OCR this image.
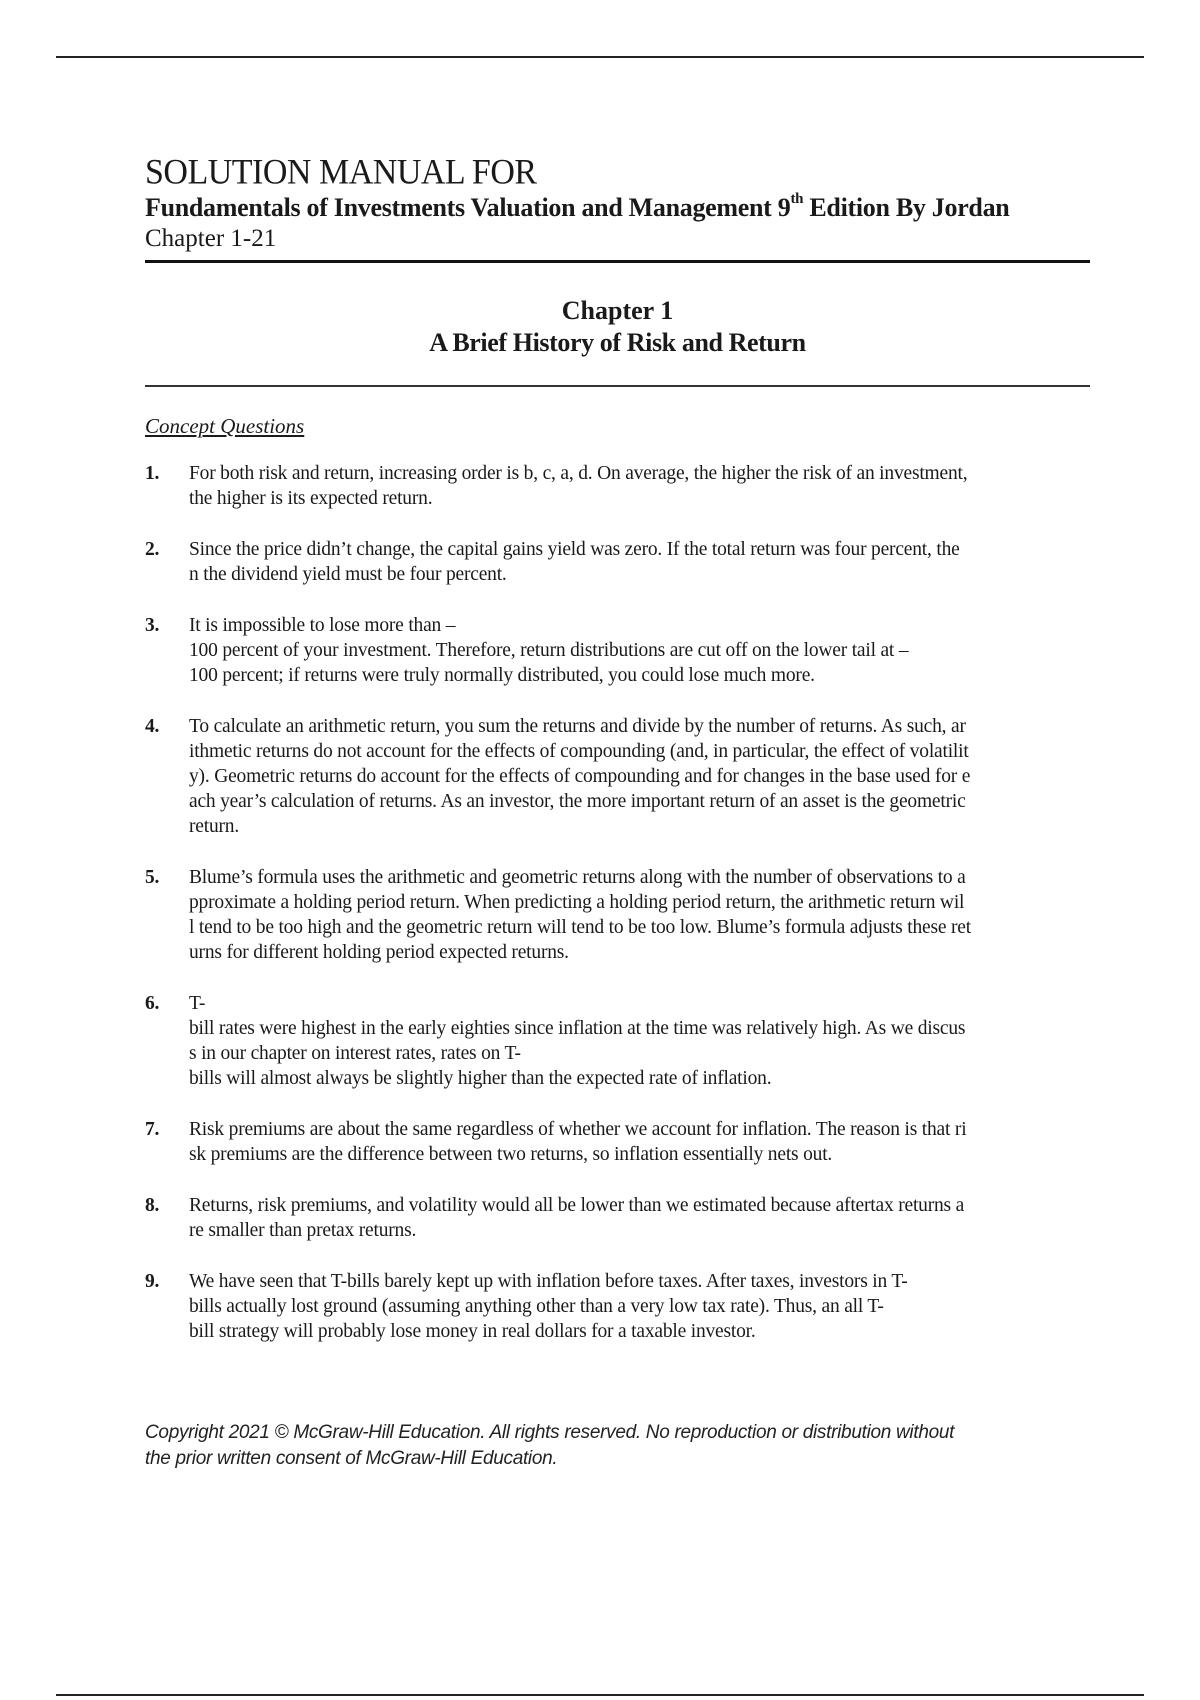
SOLUTION MANUAL FOR
Fundamentals of Investments Valuation and Management 9th Edition By Jordan
Chapter 1-21
Chapter 1
A Brief History of Risk and Return
Concept Questions
1. For both risk and return, increasing order is b, c, a, d. On average, the higher the risk of an investment,
the higher is its expected return.
2. Since the price didn’t change, the capital gains yield was zero. If the total return was four percent, the
n the dividend yield must be four percent.
3. It is impossible to lose more than –
100 percent of your investment. Therefore, return distributions are cut off on the lower tail at –
100 percent; if returns were truly normally distributed, you could lose much more.
4. To calculate an arithmetic return, you sum the returns and divide by the number of returns. As such, ar
ithmetic returns do not account for the effects of compounding (and, in particular, the effect of volatilit
y). Geometric returns do account for the effects of compounding and for changes in the base used for e
ach year’s calculation of returns. As an investor, the more important return of an asset is the geometric
return.
5. Blume’s formula uses the arithmetic and geometric returns along with the number of observations to a
pproximate a holding period return. When predicting a holding period return, the arithmetic return wil
l tend to be too high and the geometric return will tend to be too low. Blume’s formula adjusts these ret
urns for different holding period expected returns.
6. T-
bill rates were highest in the early eighties since inflation at the time was relatively high. As we discus
s in our chapter on interest rates, rates on T-
bills will almost always be slightly higher than the expected rate of inflation.
7. Risk premiums are about the same regardless of whether we account for inflation. The reason is that ri
sk premiums are the difference between two returns, so inflation essentially nets out.
8. Returns, risk premiums, and volatility would all be lower than we estimated because aftertax returns a
re smaller than pretax returns.
9. We have seen that T-bills barely kept up with inflation before taxes. After taxes, investors in T-
bills actually lost ground (assuming anything other than a very low tax rate). Thus, an all T-
bill strategy will probably lose money in real dollars for a taxable investor.
Copyright 2021 © McGraw-Hill Education. All rights reserved. No reproduction or distribution without
the prior written consent of McGraw-Hill Education.
